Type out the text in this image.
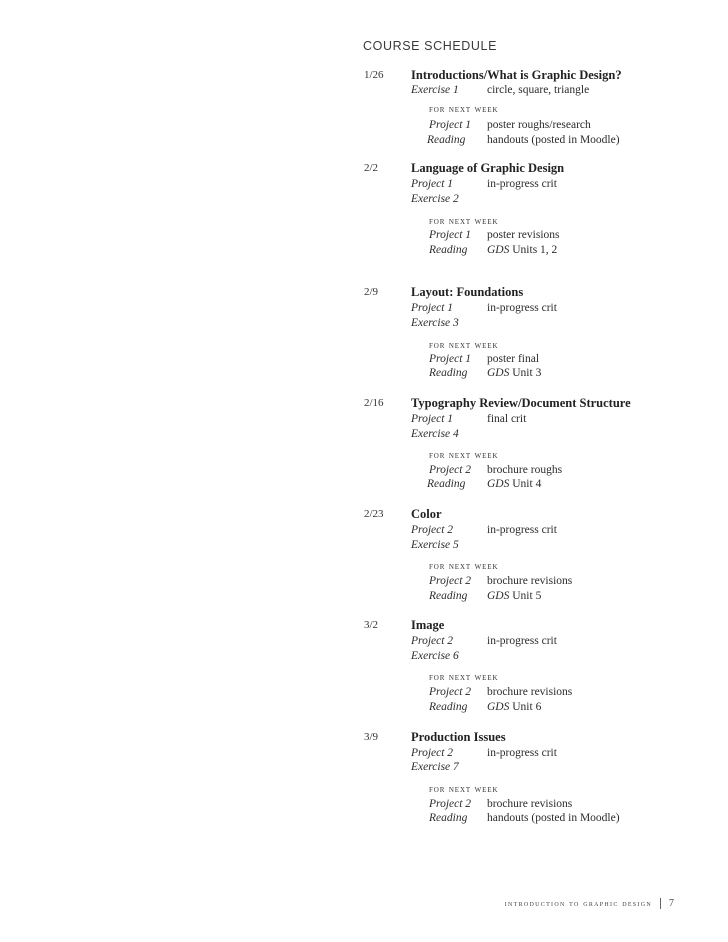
COURSE SCHEDULE
1/26 Introductions/What is Graphic Design?
Exercise 1 circle, square, triangle
for next week
Project 1 poster roughs/research
Reading handouts (posted in Moodle)
2/2	Language of Graphic Design
Project 1	in-progress crit
Exercise 2
for next week
Project 1 poster revisions
Reading GDS Units 1, 2
2/9	Layout: Foundations
Project 1	in-progress crit
Exercise 3
for next week
Project 1 poster final
Reading GDS Unit 3
2/16 Typography Review/Document Structure
Project 1	final crit
Exercise 4
for next week
Project 2 brochure roughs
Reading GDS Unit 4
2/23 Color
Project 2	in-progress crit
Exercise 5
for next week
Project 2 brochure revisions
Reading GDS Unit 5
3/2	Image
Project 2	in-progress crit
Exercise 6
for next week
Project 2 brochure revisions
Reading GDS Unit 6
3/9	Production Issues
Project 2	in-progress crit
Exercise 7
for next week
Project 2 brochure revisions
Reading handouts (posted in Moodle)
introduction to graphic design 7
